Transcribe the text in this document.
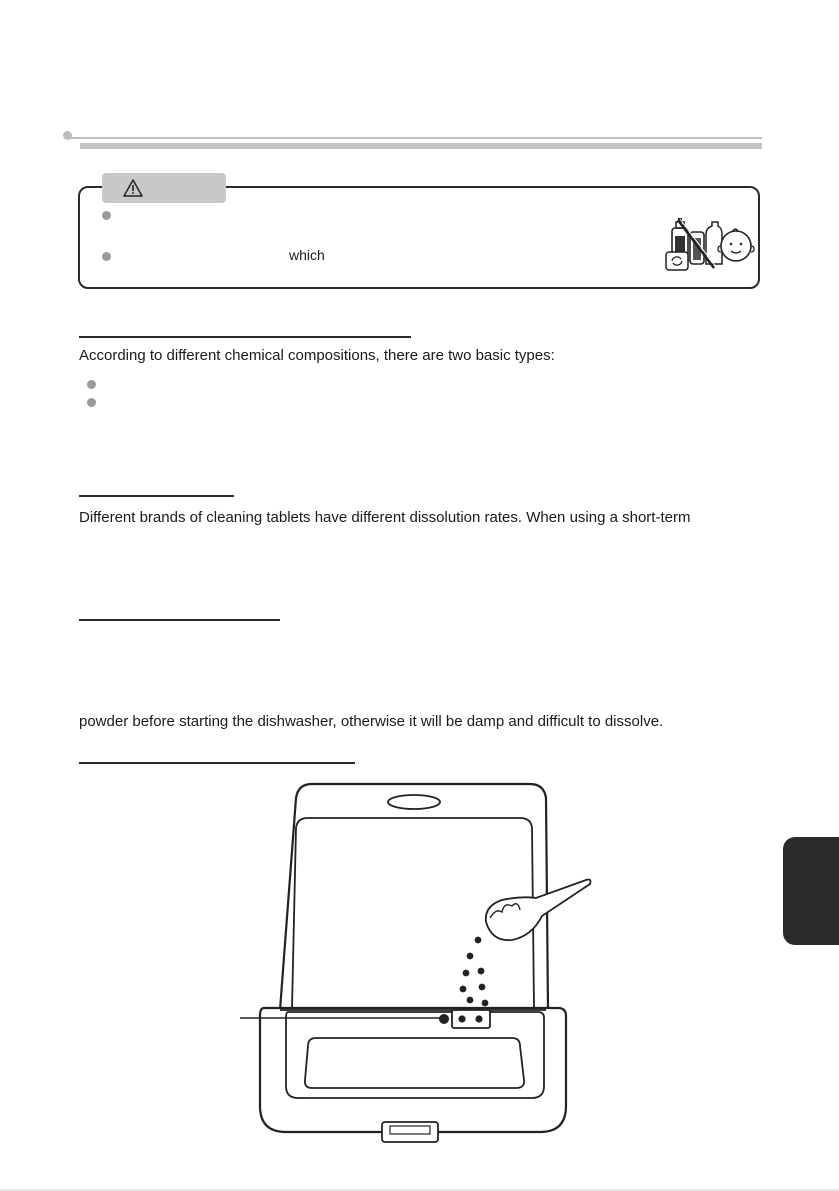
which
According to different chemical compositions, there are two basic types:
Different brands of cleaning tablets have different dissolution rates. When using a short-term
powder before starting the dishwasher, otherwise it will be damp and difficult to dissolve.
